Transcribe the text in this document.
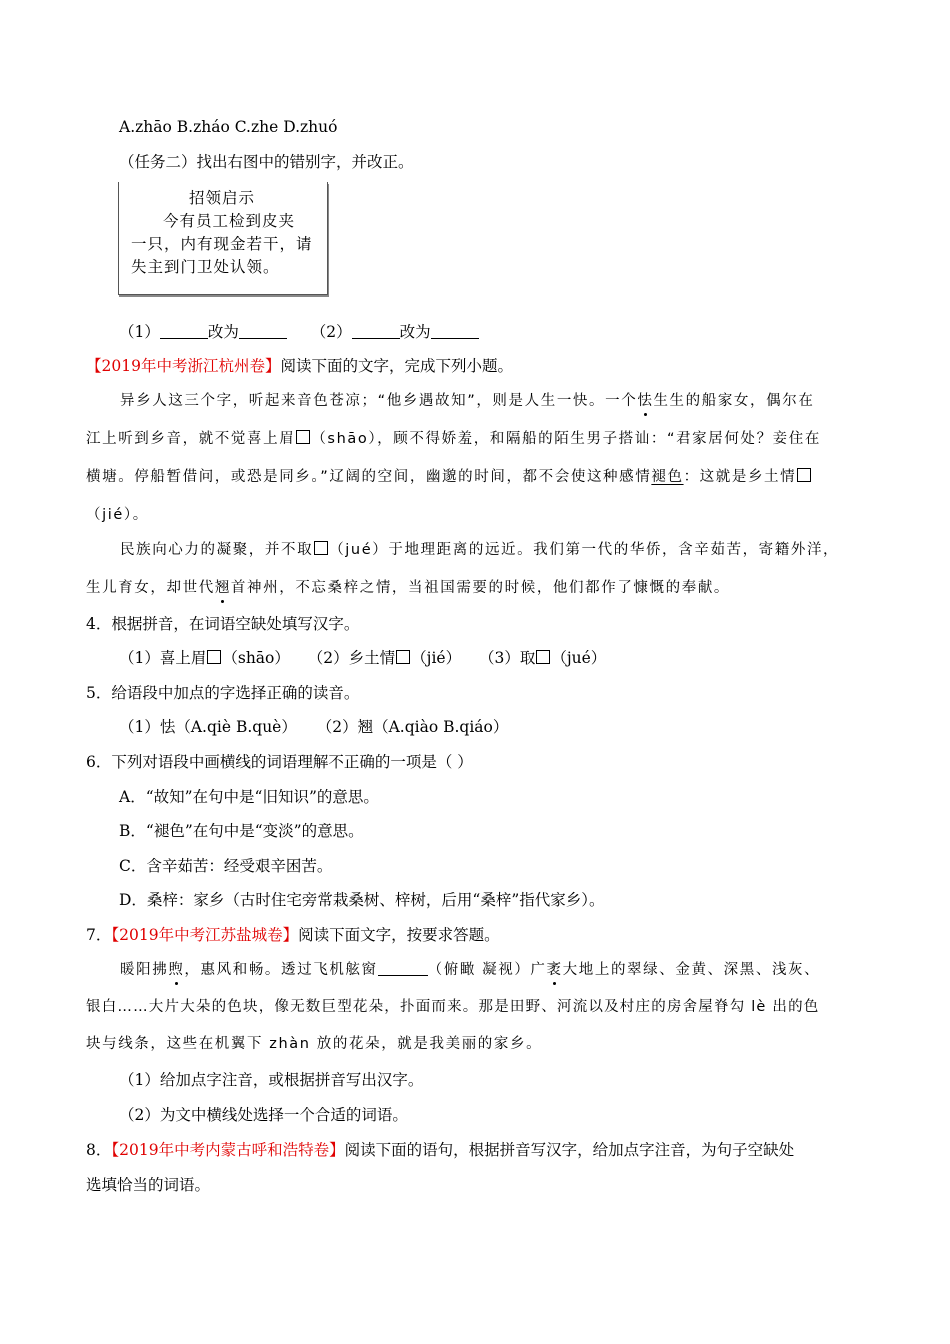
A.zhāo B.zháo C.zhe D.zhuó
（任务二）找出右图中的错别字，并改正。
招领启示
今有员工检到皮夹
一只，内有现金若干，请
失主到门卫处认领。
（1）	改为	（2）	改为
【2019年中考浙江杭州卷】阅读下面的文字，完成下列小题。
异乡人这三个字，听起来音色苍凉；“他乡遇故知”，则是人生一快。一个怯生生的船家女，偶尔在
江上听到乡音，就不觉喜上眉 （shāo），顾不得娇羞，和隔船的陌生男子搭讪：“君家居何处？妾住在
横塘。停船暂借问，或恐是同乡。”辽阔的空间，幽邈的时间，都不会使这种感情褪色：这就是乡土情
（jié）。
民族向心力的凝聚，并不取 （jué）于地理距离的远近。我们第一代的华侨，含辛茹苦，寄籍外洋，
生儿育女，却世代翘首神州，不忘桑梓之情，当祖国需要的时候，他们都作了慷慨的奉献。
4．根据拼音，在词语空缺处填写汉字。
（1）喜上眉 （shāo） （2）乡土情 （jié） （3）取 （jué）
5．给语段中加点的字选择正确的读音。
（1）怯（A.qiè B.què） （2）翘（A.qiào B.qiáo）
6．下列对语段中画横线的词语理解不正确的一项是（ ）
A．“故知”在句中是“旧知识”的意思。
B．“褪色”在句中是“变淡”的意思。
C．含辛茹苦：经受艰辛困苦。
D．桑梓：家乡（古时住宅旁常栽桑树、梓树，后用“桑梓”指代家乡）。
7．【2019年中考江苏盐城卷】阅读下面文字，按要求答题。
暖阳拂煦，惠风和畅。透过飞机舷窗	（俯瞰 凝视）广袤大地上的翠绿、金黄、深黑、浅灰、
银白……大片大朵的色块，像无数巨型花朵，扑面而来。那是田野、河流以及村庄的房舍屋脊勾 lè 出的色
块与线条，这些在机翼下 zhàn 放的花朵，就是我美丽的家乡。
（1）给加点字注音，或根据拼音写出汉字。
（2）为文中横线处选择一个合适的词语。
8．【2019年中考内蒙古呼和浩特卷】阅读下面的语句，根据拼音写汉字，给加点字注音，为句子空缺处
选填恰当的词语。
